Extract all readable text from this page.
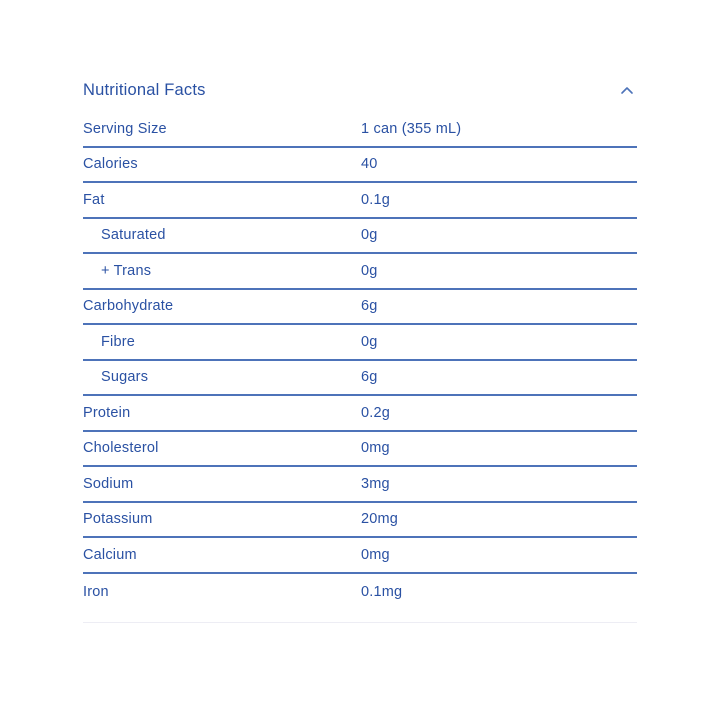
Nutritional Facts
Serving Size	1 can (355 mL)
Calories	40
Fat	0.1g
Saturated	0g
+ Trans	0g
Carbohydrate	6g
Fibre	0g
Sugars	6g
Protein	0.2g
Cholesterol	0mg
Sodium	3mg
Potassium	20mg
Calcium	0mg
Iron	0.1mg
